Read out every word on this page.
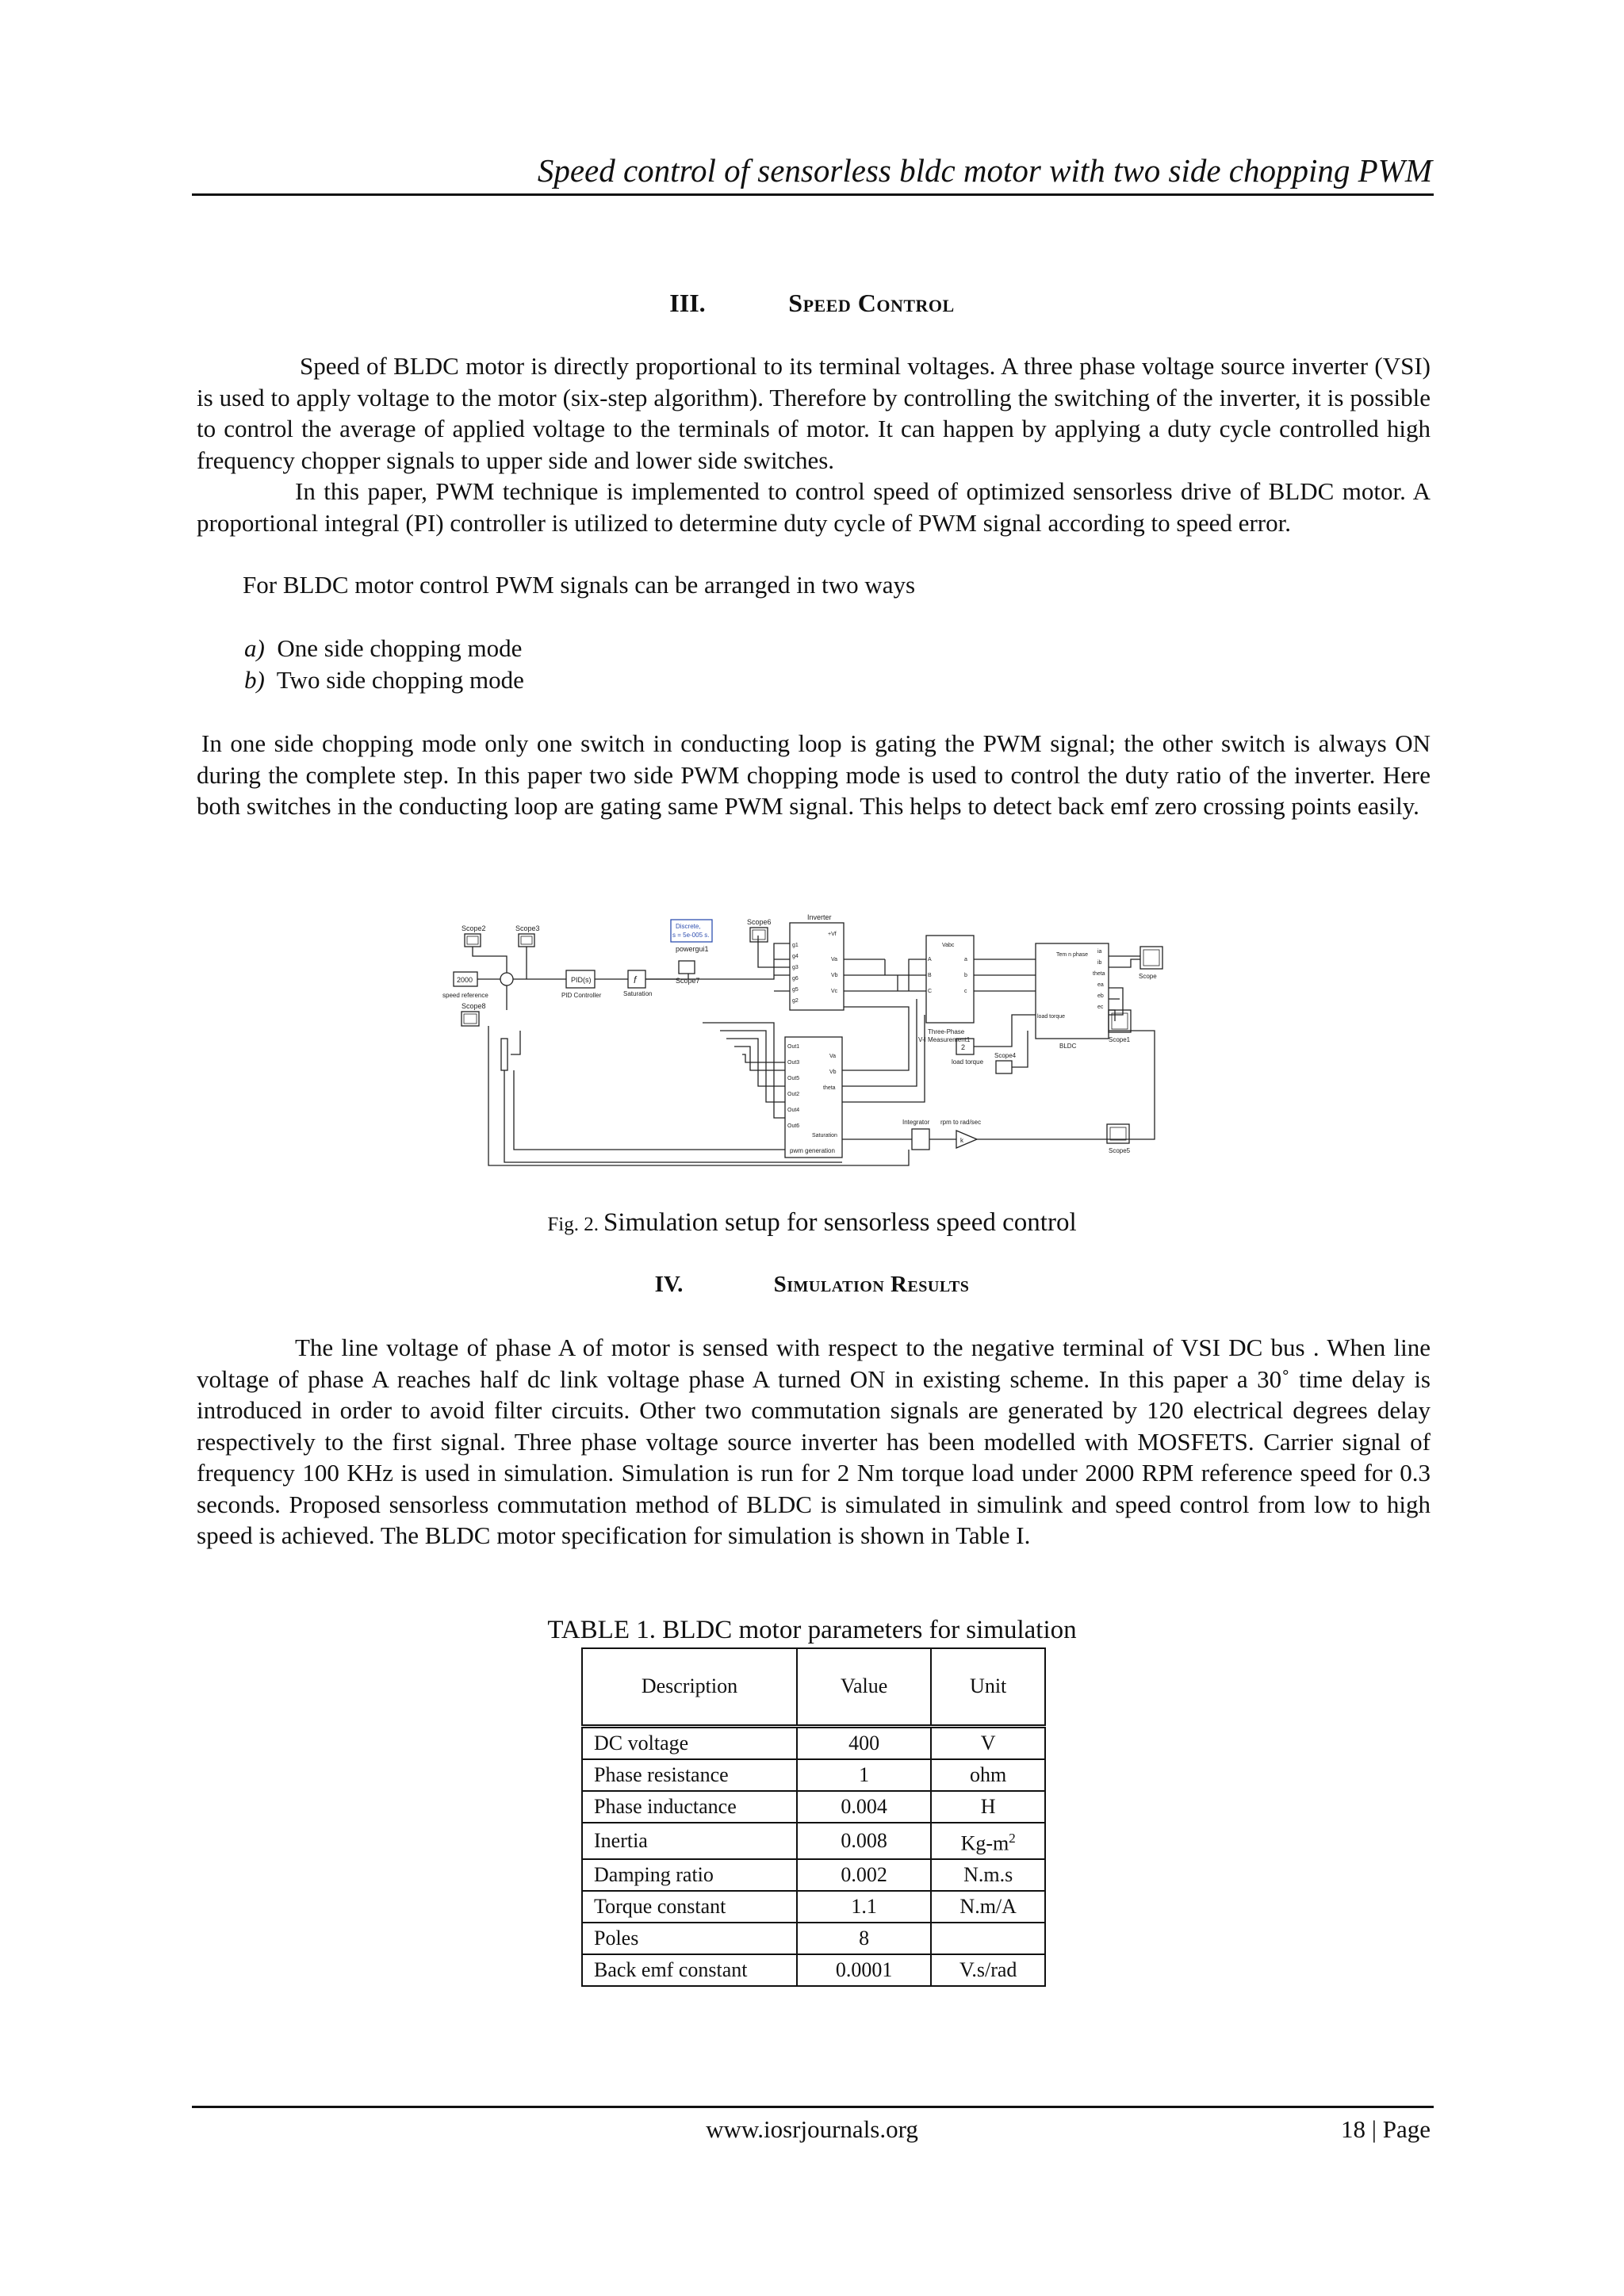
Speed control of sensorless bldc motor with two side chopping PWM
III.	Speed Control
Speed of BLDC motor is directly proportional to its terminal voltages. A three phase voltage source inverter (VSI) is used to apply voltage to the motor (six-step algorithm). Therefore by controlling the switching of the inverter, it is possible to control the average of applied voltage to the terminals of motor. It can happen by applying a duty cycle controlled high frequency chopper signals to upper side and lower side switches.
In this paper, PWM technique is implemented to control speed of optimized sensorless drive of BLDC motor. A proportional integral (PI) controller is utilized to determine duty cycle of PWM signal according to speed error.
For BLDC motor control PWM signals can be arranged in two ways
a) One side chopping mode
b) Two side chopping mode
In one side chopping mode only one switch in conducting loop is gating the PWM signal; the other switch is always ON during the complete step. In this paper two side PWM chopping mode is used to control the duty ratio of the inverter. Here both switches in the conducting loop are gating same PWM signal. This helps to detect back emf zero crossing points easily.
Scope2	Scope3	Discrete,
s = 5e-005 s.
powergui1
Scope6
Scope7
2000
speed reference
PID(s)
PID Controller
f
Saturation
Scope8
Inverter
g1
g4
g3
g6
g5
g2
+Vf
Va
Vb
Vc
A
B
C
a
b
c
Vabc
Three-Phase
V-I Measurement1
2
load torque
Scope4
Tem n phase
load torque
ia
ib
theta
ea
eb
ec
BLDC
Scope
Scope1
Scope5
Integrator rpm to rad/sec
k
Out1
Out3
Out5
Out2
Out4
Out6
Va
Vb
theta
Saturation
pwm generation
Fig. 2. Simulation setup for sensorless speed control
IV.	Simulation Results
The line voltage of phase A of motor is sensed with respect to the negative terminal of VSI DC bus . When line voltage of phase A reaches half dc link voltage phase A turned ON in existing scheme. In this paper a 30˚ time delay is introduced in order to avoid filter circuits. Other two commutation signals are generated by 120 electrical degrees delay respectively to the first signal. Three phase voltage source inverter has been modelled with MOSFETS. Carrier signal of frequency 100 KHz is used in simulation. Simulation is run for 2 Nm torque load under 2000 RPM reference speed for 0.3 seconds. Proposed sensorless commutation method of BLDC is simulated in simulink and speed control from low to high speed is achieved. The BLDC motor specification for simulation is shown in Table I.
TABLE 1. BLDC motor parameters for simulation
Description	Value	Unit
DC voltage	400	V
Phase resistance	1	ohm
Phase inductance	0.004	H
Inertia	0.008	$Kg-m^2$
Damping ratio	0.002	N.m.s
Torque constant	1.1	N.m/A
Poles	8	
Back emf constant	0.0001	V.s/rad
www.iosrjournals.org	18 | Page
